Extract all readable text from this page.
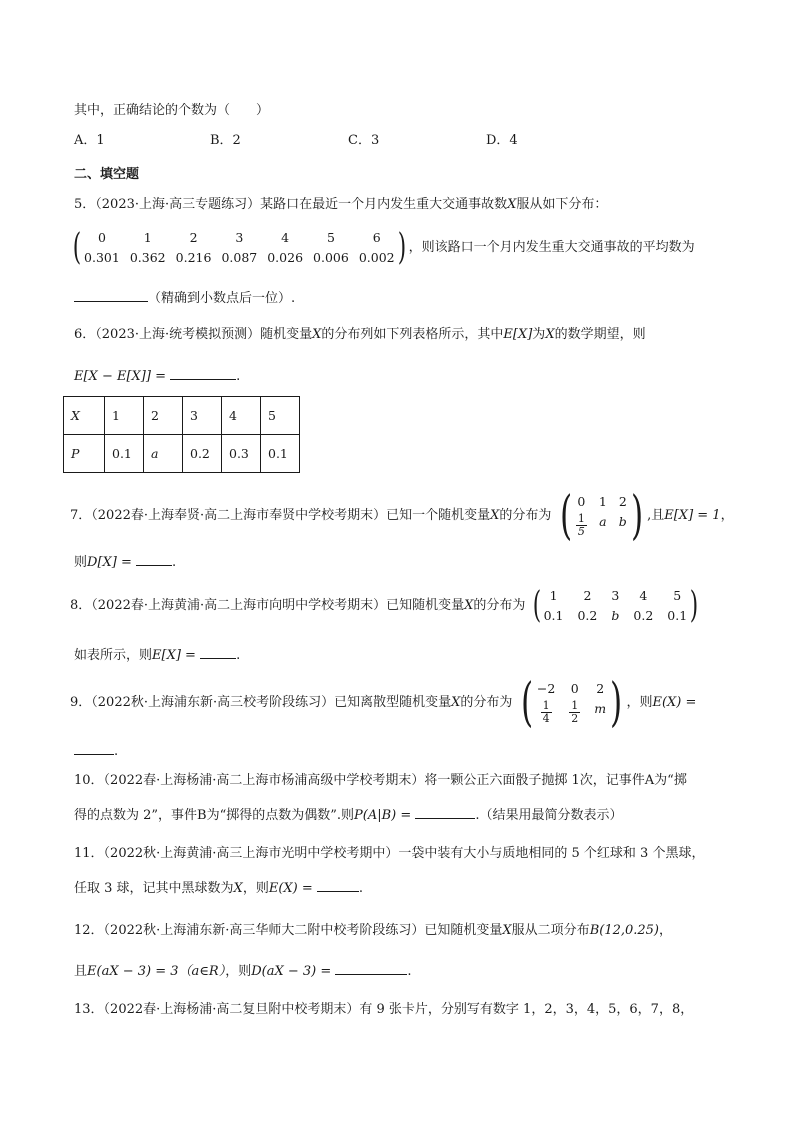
其中，正确结论的个数为（　　）
A．1	B．2	C．3	D．4
二、填空题
5．（2023·上海·高三专题练习）某路口在最近一个月内发生重大交通事故数X服从如下分布：
(	0	1	2	3	4	5	6
0.301 0.362 0.216 0.087 0.026 0.006 0.002 ) ，则该路口一个月内发生重大交通事故的平均数为
（精确到小数点后一位）.
6．（2023·上海·统考模拟预测）随机变量X的分布列如下列表格所示，其中E[X]为X的数学期望，则
E[X − E[X]] =	.
X	1	2	3	4	5
P	0.1	a	0.2	0.3	0.1
7．（2022春·上海奉贤·高二上海市奉贤中学校考期末）已知一个随机变量X的分布为 ( 0 1 2
$\frac{1}{5}$ a b ) ,且E[X] = 1，
则D[X] =	.
8．（2022春·上海黄浦·高二上海市向明中学校考期末）已知随机变量X的分布为 ( 1	2	3	4	5
0.1 0.2 b 0.2 0.1 )
如表所示，则E[X] =	.
9．（2022秋·上海浦东新·高三校考阶段练习）已知离散型随机变量X的分布为 ( −2 0 2
$\frac{1}{4} \frac{1}{2}$ m ) ，则E(X) =
.
10．（2022春·上海杨浦·高二上海市杨浦高级中学校考期末）将一颗公正六面骰子抛掷 1次，记事件A为“掷
得的点数为 2”，事件B为“掷得的点数为偶数”.则P(A|B) =	.（结果用最简分数表示）
11．（2022秋·上海黄浦·高三上海市光明中学校考期中）一袋中装有大小与质地相同的 5 个红球和 3 个黑球，
任取 3 球，记其中黑球数为X，则E(X) =	.
12．（2022秋·上海浦东新·高三华师大二附中校考阶段练习）已知随机变量X服从二项分布B(12,0.25)，
且E(aX − 3) = 3（a∈R），则D(aX − 3) =	.
13．（2022春·上海杨浦·高二复旦附中校考期末）有 9 张卡片，分别写有数字 1，2，3，4，5，6，7，8，
